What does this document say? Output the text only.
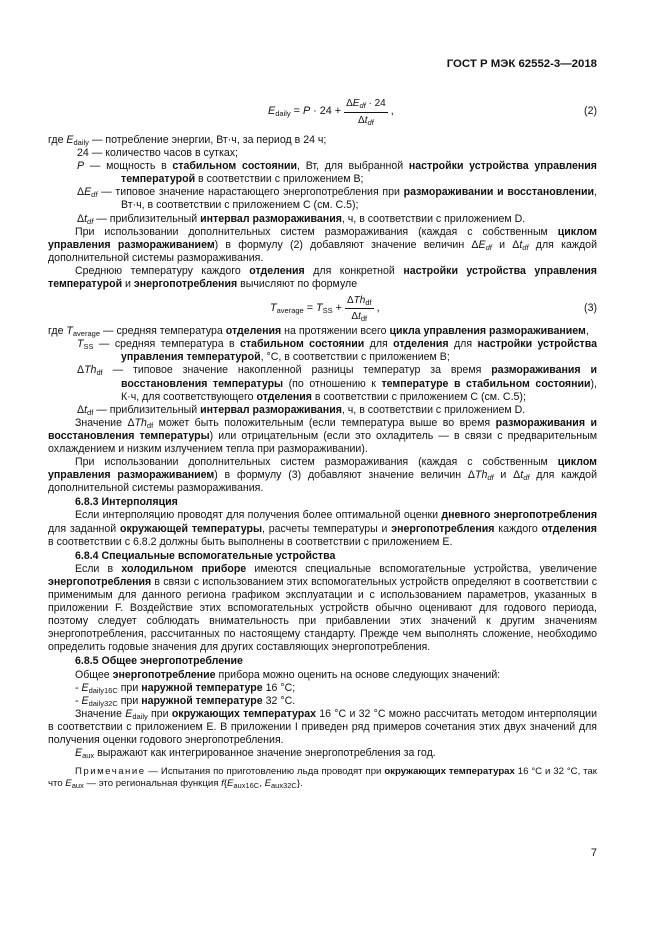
ГОСТ Р МЭК 62552-3—2018
$E_{daily} = P \cdot 24 + \frac{\Delta E_{df} \cdot 24}{\Delta t_{df}}$ ,	(2)

где $E_{daily}$ — потребление энергии, Вт·ч, за период в 24 ч;

24 — количество часов в сутках;

P — мощность в стабильном состоянии, Вт, для выбранной настройки устройства управления температурой в соответствии с приложением В;

$\Delta E_{df}$ — типовое значение нарастающего энергопотребления при размораживании и восстановлении, Вт·ч, в соответствии с приложением С (см. С.5);

$\Delta t_{df}$ — приблизительный интервал размораживания, ч, в соответствии с приложением D.

При использовании дополнительных систем размораживания (каждая с собственным циклом управления размораживанием) в формулу (2) добавляют значение величин $\Delta E_{df}$ и $\Delta t_{df}$ для каждой дополнительной системы размораживания.

Среднюю температуру каждого отделения для конкретной настройки устройства управления температурой и энергопотребления вычисляют по формуле

$T_{average} = T_{SS} + \frac{\Delta Th_{df}}{\Delta t_{df}}$ ,	(3)

где $T_{average}$ — средняя температура отделения на протяжении всего цикла управления размораживанием,

$T_{SS}$ — средняя температура в стабильном состоянии для отделения для настройки устройства управления температурой, °С, в соответствии с приложением В;

ΔTh$_{df}$ — типовое значение накопленной разницы температур за время размораживания и восстановления температуры (по отношению к температуре в стабильном состоянии), К·ч, для соответствующего отделения в соответствии с приложением С (см. С.5);

$\Delta t_{df}$ — приблизительный интервал размораживания, ч, в соответствии с приложением D.

Значение ΔTh$_{df}$ может быть положительным (если температура выше во время размораживания и восстановления температуры) или отрицательным (если это охладитель — в связи с предварительным охлаждением и низким излучением тепла при размораживании).

При использовании дополнительных систем размораживания (каждая с собственным циклом управления размораживанием) в формулу (3) добавляют значение величин ΔTh$_{df}$ и $\Delta t_{df}$ для каждой дополнительной системы размораживания.

6.8.3 Интерполяция

Если интерполяцию проводят для получения более оптимальной оценки дневного энергопотребления для заданной окружающей температуры, расчеты температуры и энергопотребления каждого отделения в соответствии с 6.8.2 должны быть выполнены в соответствии с приложением Е.

6.8.4 Специальные вспомогательные устройства

Если в холодильном приборе имеются специальные вспомогательные устройства, увеличение энергопотребления в связи с использованием этих вспомогательных устройств определяют в соответствии с применимым для данного региона графиком эксплуатации и с использованием параметров, указанных в приложении F. Воздействие этих вспомогательных устройств обычно оценивают для годового периода, поэтому следует соблюдать внимательность при прибавлении этих значений к другим значениям энергопотребления, рассчитанных по настоящему стандарту. Прежде чем выполнять сложение, необходимо определить годовые значения для других составляющих энергопотребления.

6.8.5 Общее энергопотребление

Общее энергопотребление прибора можно оценить на основе следующих значений:

- $E_{daily16C}$ при наружной температуре 16 °С;

- $E_{daily32C}$ при наружной температуре 32 °С.

Значение $E_{daily}$ при окружающих температурах 16 °С и 32 °С можно рассчитать методом интерполяции в соответствии с приложением Е. В приложении I приведен ряд примеров сочетания этих двух значений для получения оценки годового энергопотребления.

$E_{aux}$ выражают как интегрированное значение энергопотребления за год.

Примечание — Испытания по приготовлению льда проводят при окружающих температурах 16 °С и 32 °С, так что $E_{aux}$ — это региональная функция $f\{E_{aux16C}$, $E_{aux32C}$}.

7
